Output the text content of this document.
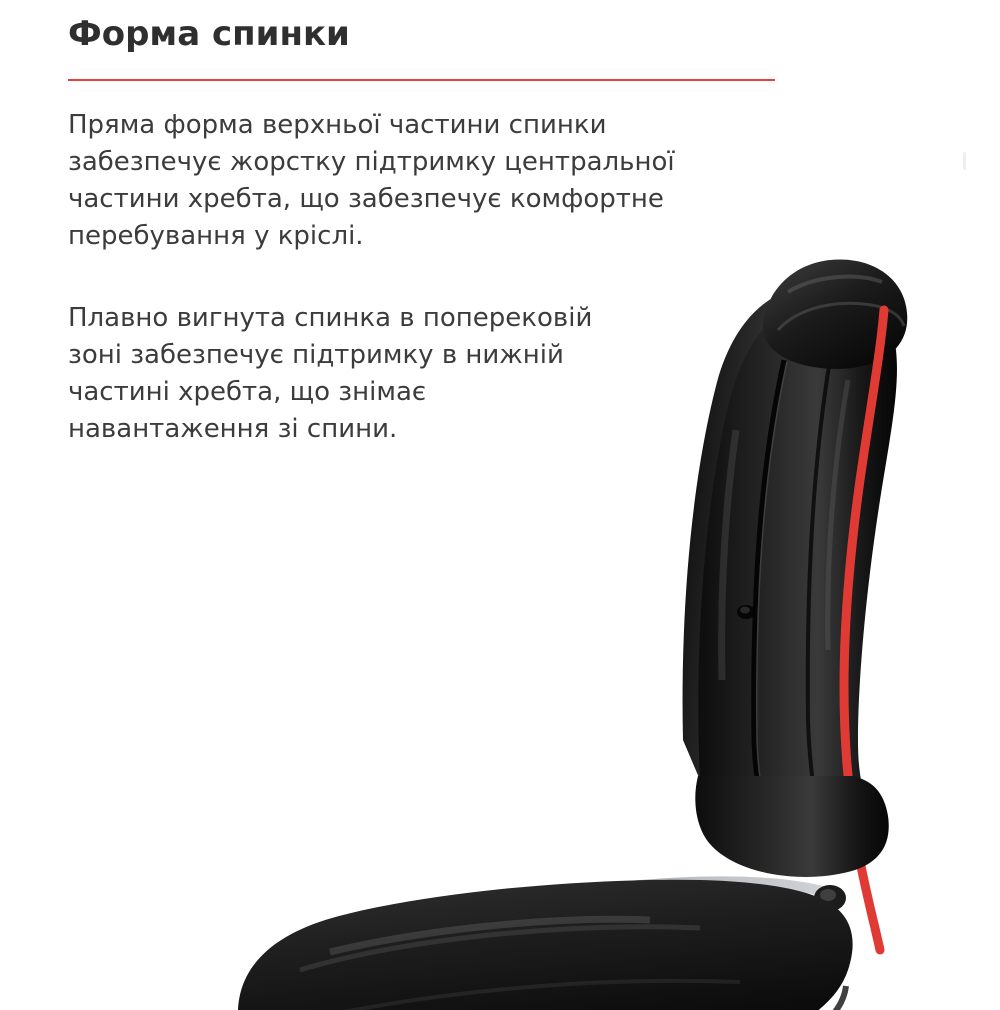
Форма спинки

Пряма форма верхньої частини спинки забезпечує жорстку підтримку центральної частини хребта, що забезпечує комфортне перебування у кріслі.

Плавно вигнута спинка в поперековій зоні забезпечує підтримку в нижній частині хребта, що знімає навантаження зі спини.
